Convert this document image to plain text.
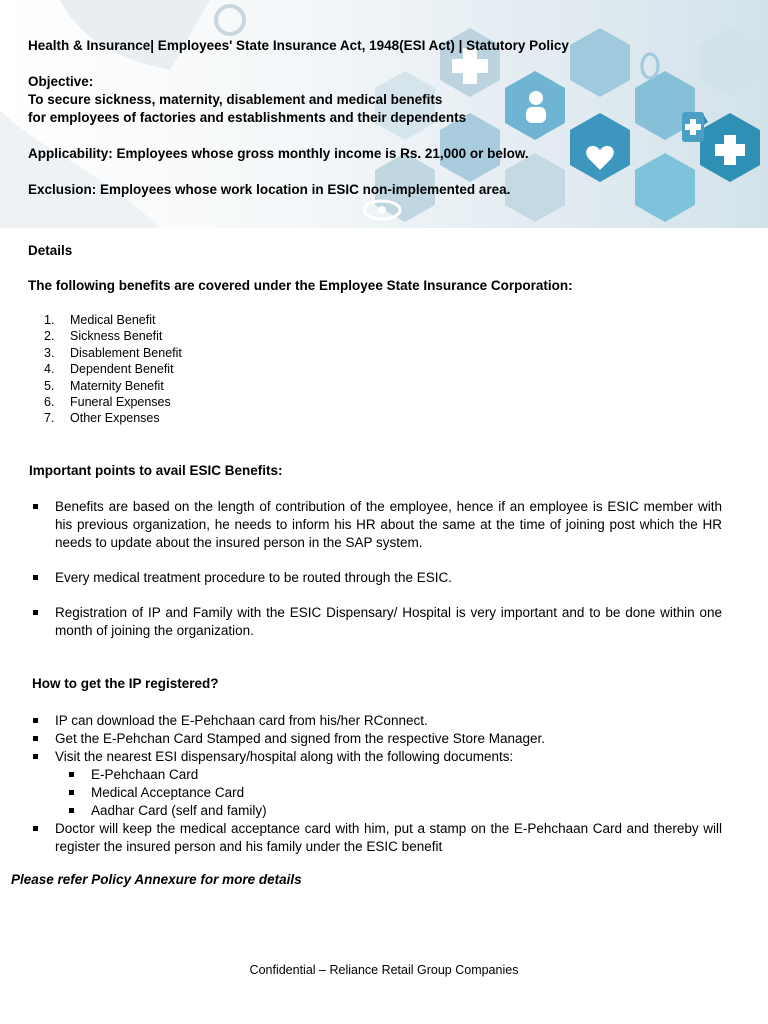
Health & Insurance| Employees' State Insurance Act, 1948(ESI Act) | Statutory Policy

Objective:

To secure sickness, maternity, disablement and medical benefits

for employees of factories and establishments and their dependents

Applicability: Employees whose gross monthly income is Rs. 21,000 or below.

Exclusion: Employees whose work location in ESIC non-implemented area.

Details
The following benefits are covered under the Employee State Insurance Corporation:
1.	Medical Benefit
2.	Sickness Benefit
3.	Disablement Benefit
4.	Dependent Benefit
5.	Maternity Benefit
6.	Funeral Expenses
7.	Other Expenses
Important points to avail ESIC Benefits:
Benefits are based on the length of contribution of the employee, hence if an employee is ESIC member with his previous organization, he needs to inform his HR about the same at the time of joining post which the HR needs to update about the insured person in the SAP system.
Every medical treatment procedure to be routed through the ESIC.
Registration of IP and Family with the ESIC Dispensary/ Hospital is very important and to be done within one month of joining the organization.
How to get the IP registered?
IP can download the E-Pehchaan card from his/her RConnect.
Get the E-Pehchan Card Stamped and signed from the respective Store Manager.
Visit the nearest ESI dispensary/hospital along with the following documents:
E-Pehchaan Card
Medical Acceptance Card
Aadhar Card (self and family)
Doctor will keep the medical acceptance card with him, put a stamp on the E-Pehchaan Card and thereby will register the insured person and his family under the ESIC benefit
Please refer Policy Annexure for more details
Confidential – Reliance Retail Group Companies
